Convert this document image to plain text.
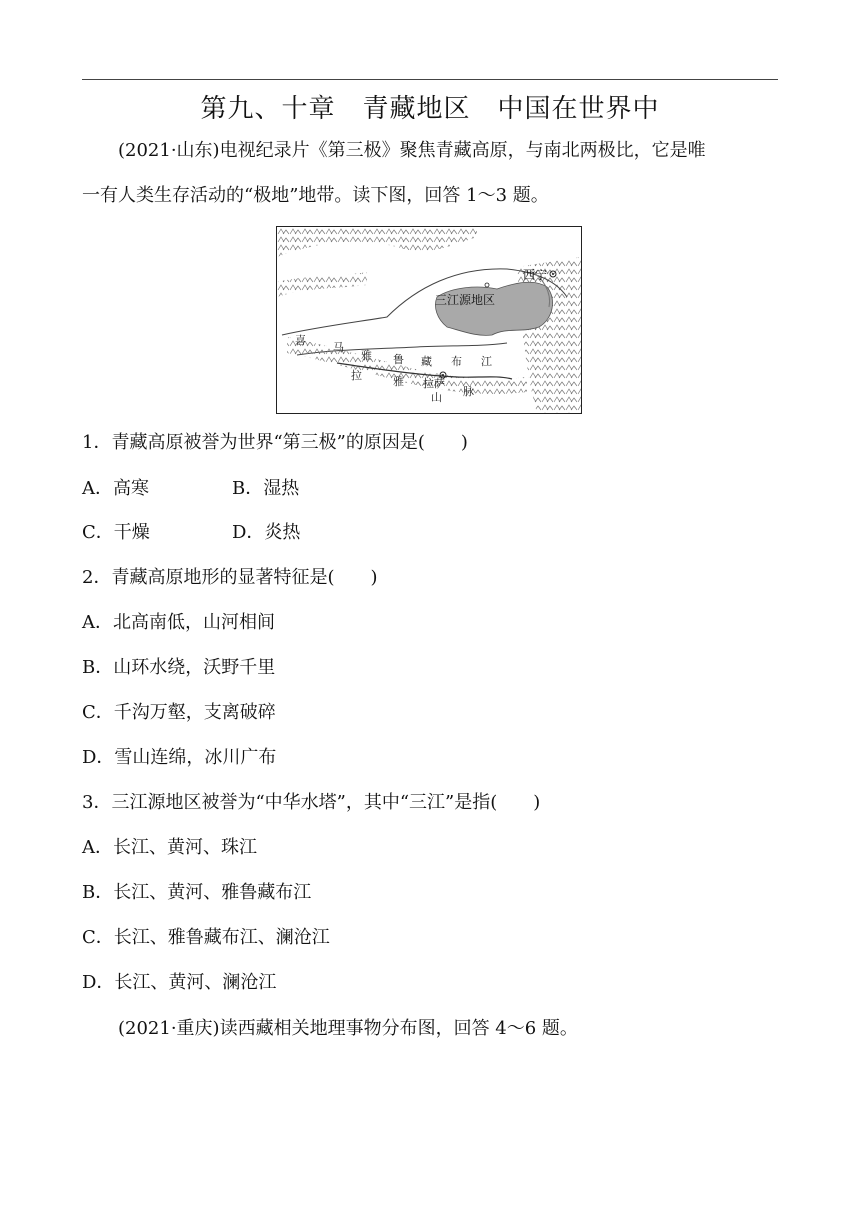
第九、十章　青藏地区　中国在世界中
(2021·山东)电视纪录片《第三极》聚焦青藏高原，与南北两极比，它是唯
一有人类生存活动的“极地”地带。读下图，回答 1～3 题。
西宁
三江源地区
拉萨
喜
马
拉	雅
山 脉
雅 鲁 藏 布 江
1．青藏高原被誉为世界“第三极”的原因是(　　)
A．高寒	B．湿热
C．干燥	D．炎热
2．青藏高原地形的显著特征是(　　)
A．北高南低，山河相间
B．山环水绕，沃野千里
C．千沟万壑，支离破碎
D．雪山连绵，冰川广布
3．三江源地区被誉为“中华水塔”，其中“三江”是指(　　)
A．长江、黄河、珠江
B．长江、黄河、雅鲁藏布江
C．长江、雅鲁藏布江、澜沧江
D．长江、黄河、澜沧江
(2021·重庆)读西藏相关地理事物分布图，回答 4～6 题。
